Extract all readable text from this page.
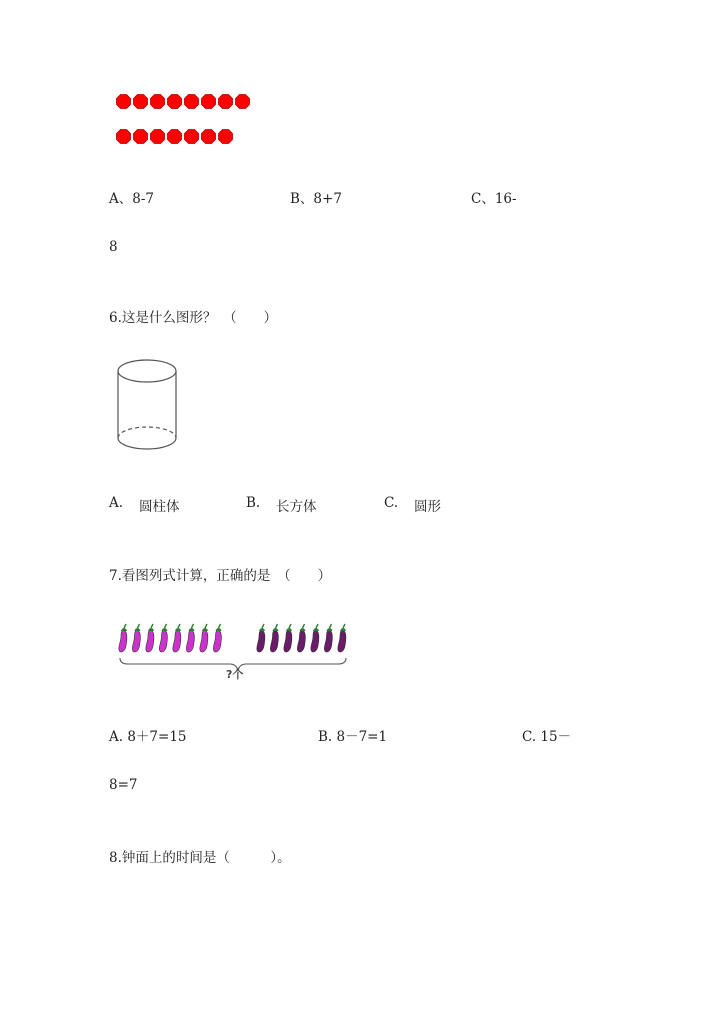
A、8-7	B、8+7	C、16-
8
6.这是什么图形？　（　　）
A. 圆柱体	B. 长方体	C. 圆形
7.看图列式计算，正确的是　（　　）
?个
A. 8＋7=15	B. 8－7=1	C. 15－
8=7
8.钟面上的时间是（　　　）。
